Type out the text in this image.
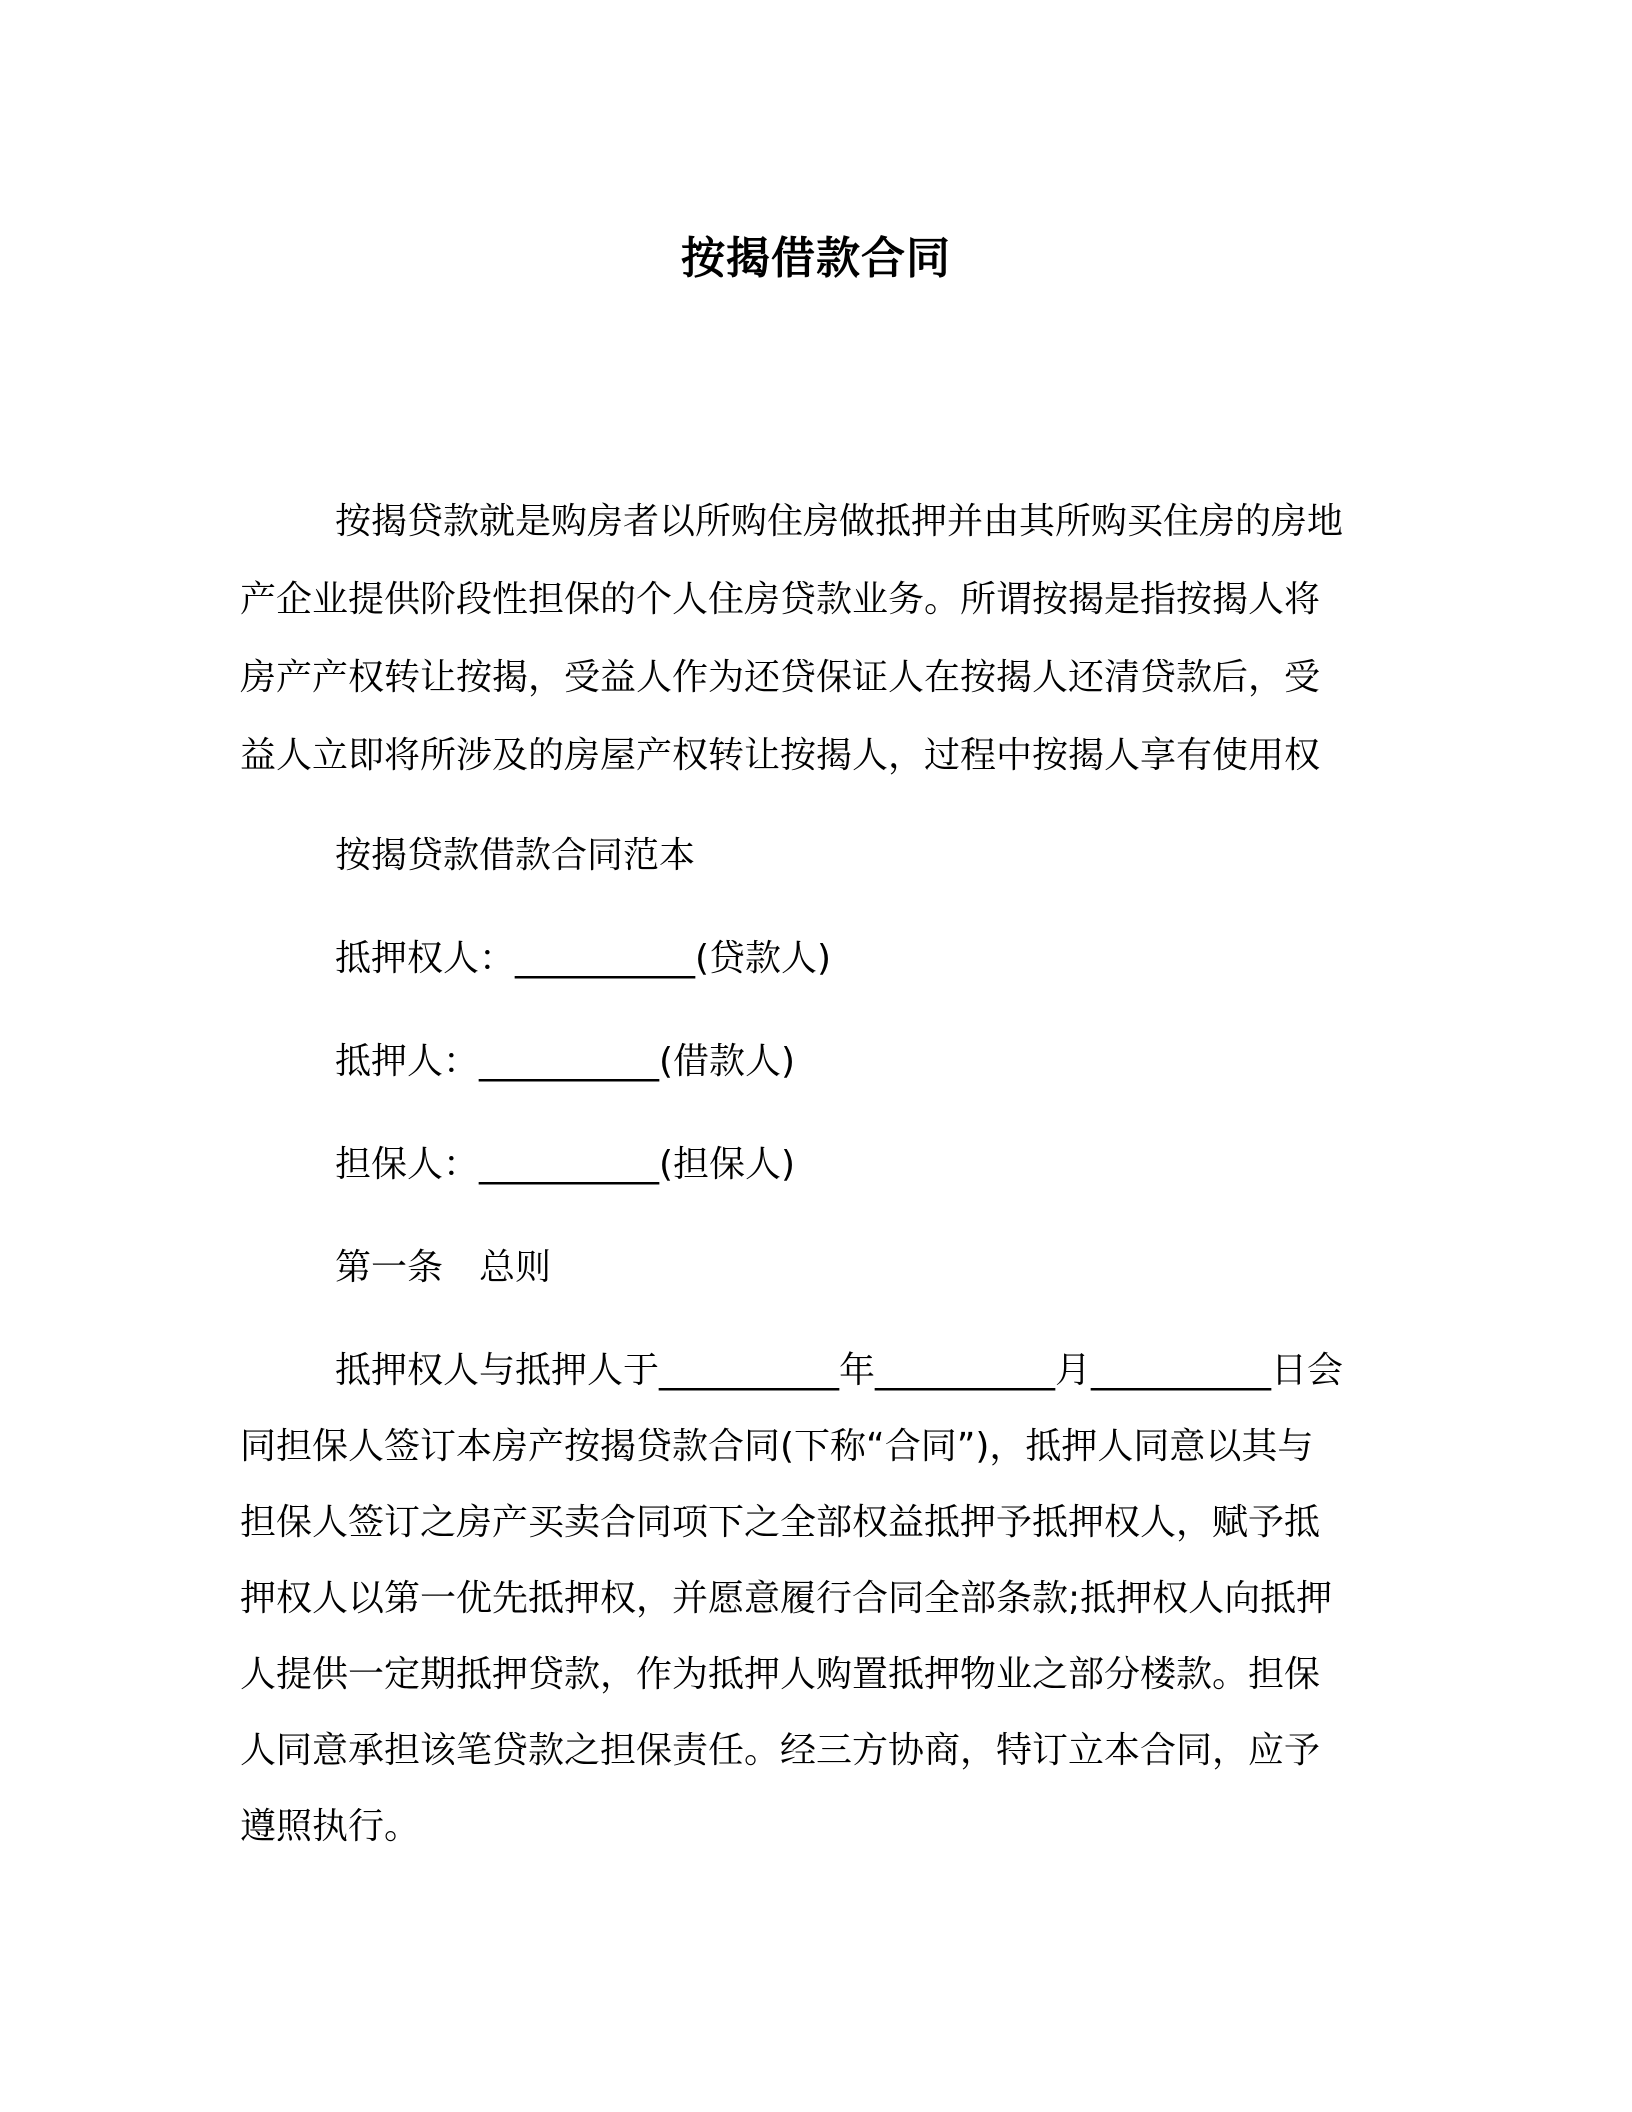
按揭借款合同
按揭贷款就是购房者以所购住房做抵押并由其所购买住房的房地
产企业提供阶段性担保的个人住房贷款业务。所谓按揭是指按揭人将
房产产权转让按揭，受益人作为还贷保证人在按揭人还清贷款后，受
益人立即将所涉及的房屋产权转让按揭人，过程中按揭人享有使用权
按揭贷款借款合同范本
抵押权人：__________(贷款人)
抵押人：__________(借款人)
担保人：__________(担保人)
第一条　总则
抵押权人与抵押人于__________年__________月__________日会
同担保人签订本房产按揭贷款合同(下称“合同”)，抵押人同意以其与
担保人签订之房产买卖合同项下之全部权益抵押予抵押权人，赋予抵
押权人以第一优先抵押权，并愿意履行合同全部条款;抵押权人向抵押
人提供一定期抵押贷款，作为抵押人购置抵押物业之部分楼款。担保
人同意承担该笔贷款之担保责任。经三方协商，特订立本合同，应予
遵照执行。
